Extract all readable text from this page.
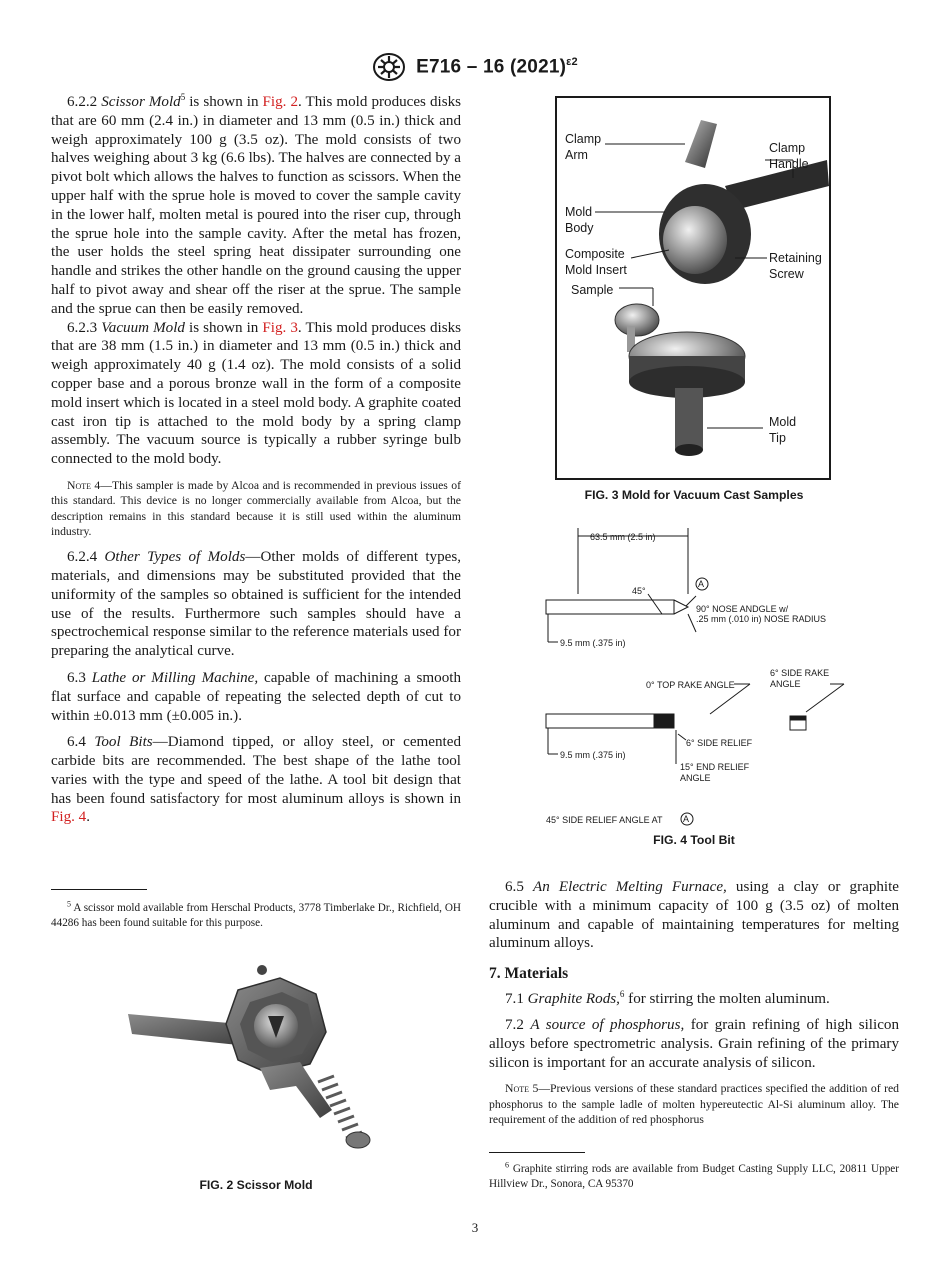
E716 – 16 $(2021)^{\varepsilon 2}$

6.2.2 Scissor Mold$^5$ is shown in Fig. 2. This mold produces disks that are 60 mm (2.4 in.) in diameter and 13 mm (0.5 in.) thick and weigh approximately 100 g (3.5 oz). The mold consists of two halves weighing about 3 kg (6.6 lbs). The halves are connected by a pivot bolt which allows the halves to function as scissors. When the upper half with the sprue hole is moved to cover the sample cavity in the lower half, molten metal is poured into the riser cup, through the sprue hole into the sample cavity. After the metal has frozen, the user holds the steel spring heat dissipater surrounding one handle and strikes the other handle on the ground causing the upper half to pivot away and shear off the riser at the sprue. The sample and the sprue can then be easily removed.

6.2.3 Vacuum Mold is shown in Fig. 3. This mold produces disks that are 38 mm (1.5 in.) in diameter and 13 mm (0.5 in.) thick and weigh approximately 40 g (1.4 oz). The mold consists of a solid copper base and a porous bronze wall in the form of a composite mold insert which is located in a steel mold body. A graphite coated cast iron tip is attached to the mold body by a spring clamp assembly. The vacuum source is typically a rubber syringe bulb connected to the mold body.

Note 4—This sampler is made by Alcoa and is recommended in previous issues of this standard. This device is no longer commercially available from Alcoa, but the description remains in this standard because it is still used within the aluminum industry.

6.2.4 Other Types of Molds—Other molds of different types, materials, and dimensions may be substituted provided that the uniformity of the samples so obtained is sufficient for the intended use of the results. Furthermore such samples should have a spectrochemical response similar to the reference materials used for preparing the analytical curve.

6.3 Lathe or Milling Machine, capable of machining a smooth flat surface and capable of repeating the selected depth of cut to within ±0.013 mm (±0.005 in.).

6.4 Tool Bits—Diamond tipped, or alloy steel, or cemented carbide bits are recommended. The best shape of the lathe tool varies with the type and speed of the lathe. A tool bit design that has been found satisfactory for most aluminum alloys is shown in Fig. 4.

$^5$ A scissor mold available from Herschal Products, 3778 Timberlake Dr., Richfield, OH 44286 has been found suitable for this purpose.

FIG. 2 Scissor Mold
Clamp
Arm	Clamp
Handle
Mold
Body
Composite
Mold Insert
Retaining
Screw
Sample
Mold
Tip
FIG. 3 Mold for Vacuum Cast Samples
63.5 mm (2.5 in)
45°
A
90° NOSE ANDGLE w/
.25 mm (.010 in) NOSE RADIUS
9.5 mm (.375 in)
0° TOP RAKE ANGLE
6° SIDE RAKE
ANGLE
9.5 mm (.375 in)
6° SIDE RELIEF
15° END RELIEF
ANGLE
45° SIDE RELIEF ANGLE AT A
FIG. 4 Tool Bit

6.5 An Electric Melting Furnace, using a clay or graphite crucible with a minimum capacity of 100 g (3.5 oz) of molten aluminum and capable of maintaining temperatures for melting aluminum alloys.

7. Materials

7.1 Graphite Rods,$^6$ for stirring the molten aluminum.

7.2 A source of phosphorus, for grain refining of high silicon alloys before spectrometric analysis. Grain refining of the primary silicon is important for an accurate analysis of silicon.

Note 5—Previous versions of these standard practices specified the addition of red phosphorus to the sample ladle of molten hypereutectic Al-Si aluminum alloy. The requirement of the addition of red phosphorus

$^6$ Graphite stirring rods are available from Budget Casting Supply LLC, 20811 Upper Hillview Dr., Sonora, CA 95370

3
